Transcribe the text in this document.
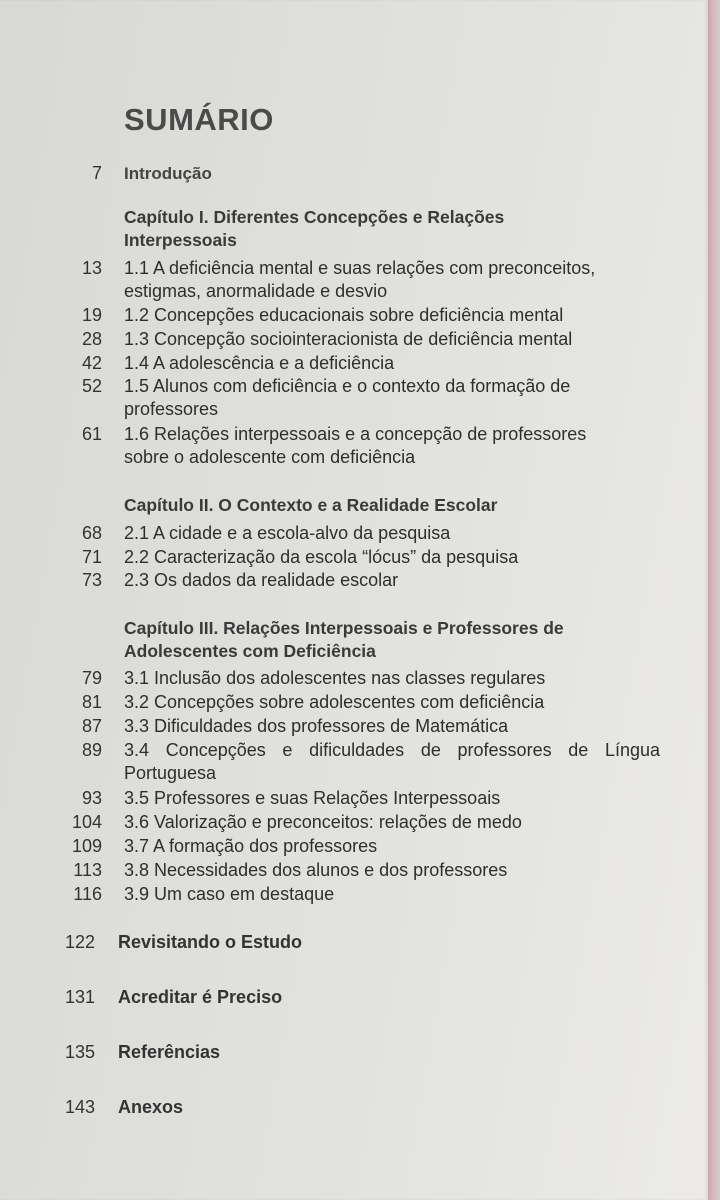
SUMÁRIO
7 Introdução
Capítulo I. Diferentes Concepções e Relações
Interpessoais
13 1.1 A deficiência mental e suas relações com preconceitos,
estigmas, anormalidade e desvio
19 1.2 Concepções educacionais sobre deficiência mental
28 1.3 Concepção sociointeracionista de deficiência mental
42 1.4 A adolescência e a deficiência
52 1.5 Alunos com deficiência e o contexto da formação de
professores
61 1.6 Relações interpessoais e a concepção de professores
sobre o adolescente com deficiência
Capítulo II. O Contexto e a Realidade Escolar
68 2.1 A cidade e a escola-alvo da pesquisa
71 2.2 Caracterização da escola “lócus” da pesquisa
73 2.3 Os dados da realidade escolar
Capítulo III. Relações Interpessoais e Professores de
Adolescentes com Deficiência
79 3.1 Inclusão dos adolescentes nas classes regulares
81 3.2 Concepções sobre adolescentes com deficiência
87 3.3 Dificuldades dos professores de Matemática
89 3.4 Concepções e dificuldades de professores de Língua
Portuguesa
93 3.5 Professores e suas Relações Interpessoais
104 3.6 Valorização e preconceitos: relações de medo
109 3.7 A formação dos professores
113 3.8 Necessidades dos alunos e dos professores
116 3.9 Um caso em destaque
122 Revisitando o Estudo
131 Acreditar é Preciso
135 Referências
143 Anexos
